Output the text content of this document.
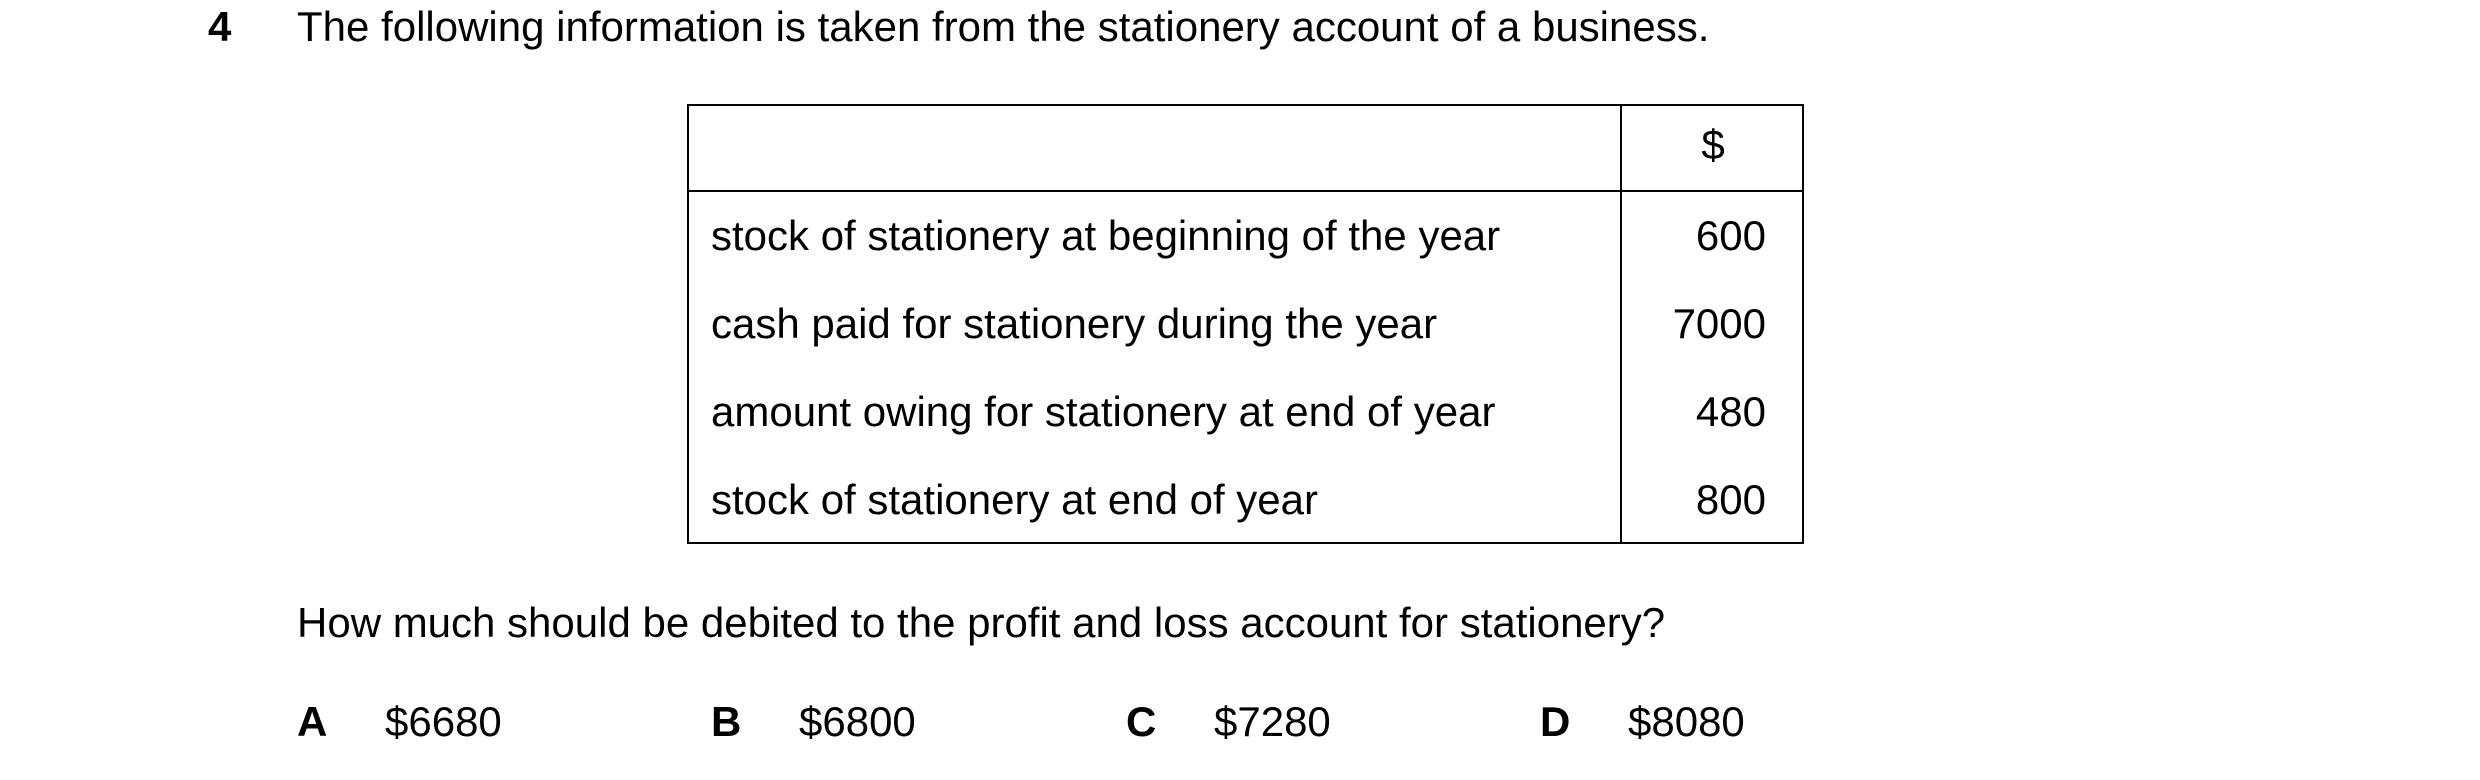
4 The following information is taken from the stationery account of a business.
$
stock of stationery at beginning of the year	600
cash paid for stationery during the year	7000
amount owing for stationery at end of year	480
stock of stationery at end of year	800
How much should be debited to the profit and loss account for stationery?
A $6680	B $6800	C $7280	D $8080
